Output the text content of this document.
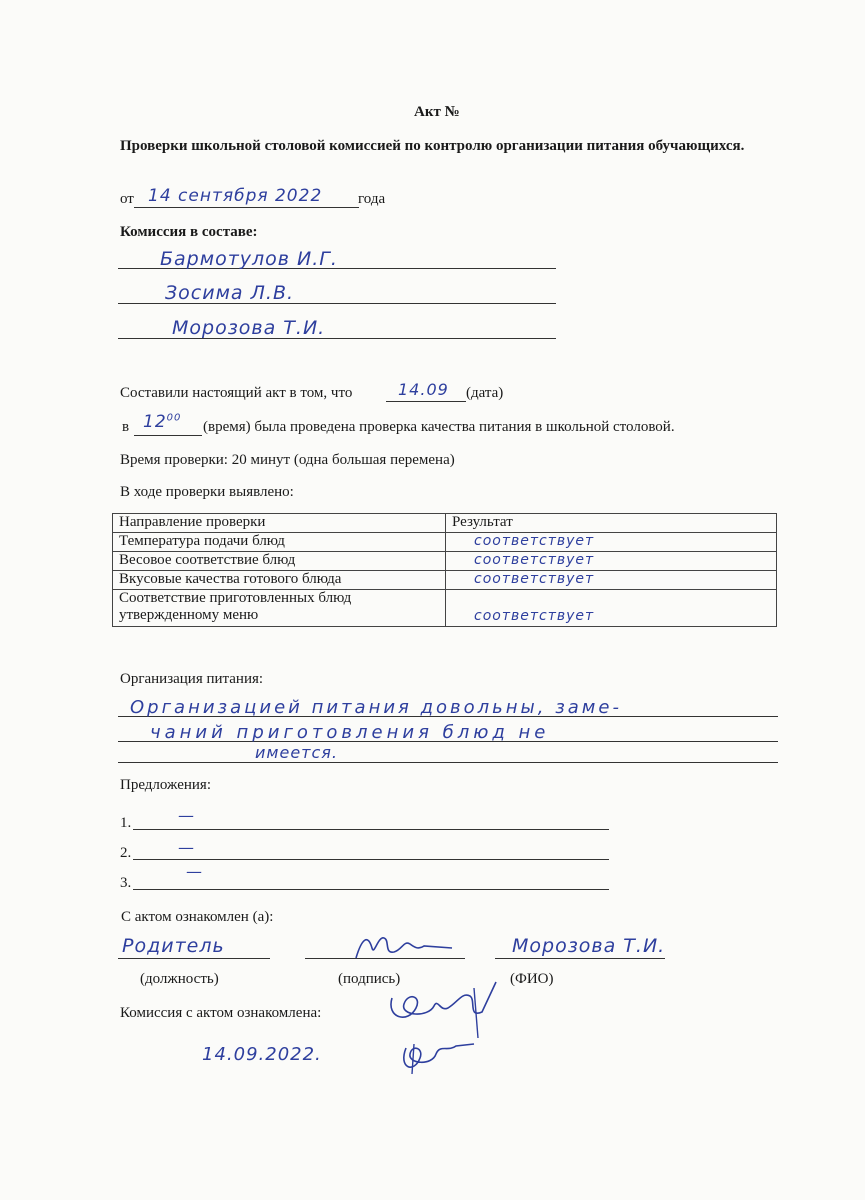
Акт №
Проверки школьной столовой комиссией по контролю организации питания обучающихся.
от 14 сентября 2022 года
Комиссия в составе:
Бармотулов И.Г.
Зосима Л.В.
Морозова Т.И.
Составили настоящий акт в том, что	14.09 (дата)
в $12^{00}$
(время) была проведена проверка качества питания в школьной столовой.
Время проверки: 20 минут (одна большая перемена)
В ходе проверки выявлено:
Направление проверки	Результат
Температура подачи блюд	соответствует

Весовое соответствие блюд	соответствует

Вкусовые качества готового блюда	соответствует

Соответствие приготовленных блюд
утвержденному меню	соответствует
Организация питания:
Организацией питания довольны, заме-
чаний приготовления блюд не
имеется.
Предложения:
1.	—
2.	—
3.
—
С актом ознакомлен (а):
Родитель	Морозова Т.И.
(должность)	(подпись)	(ФИО)
Комиссия с актом ознакомлена:
14.09.2022.
